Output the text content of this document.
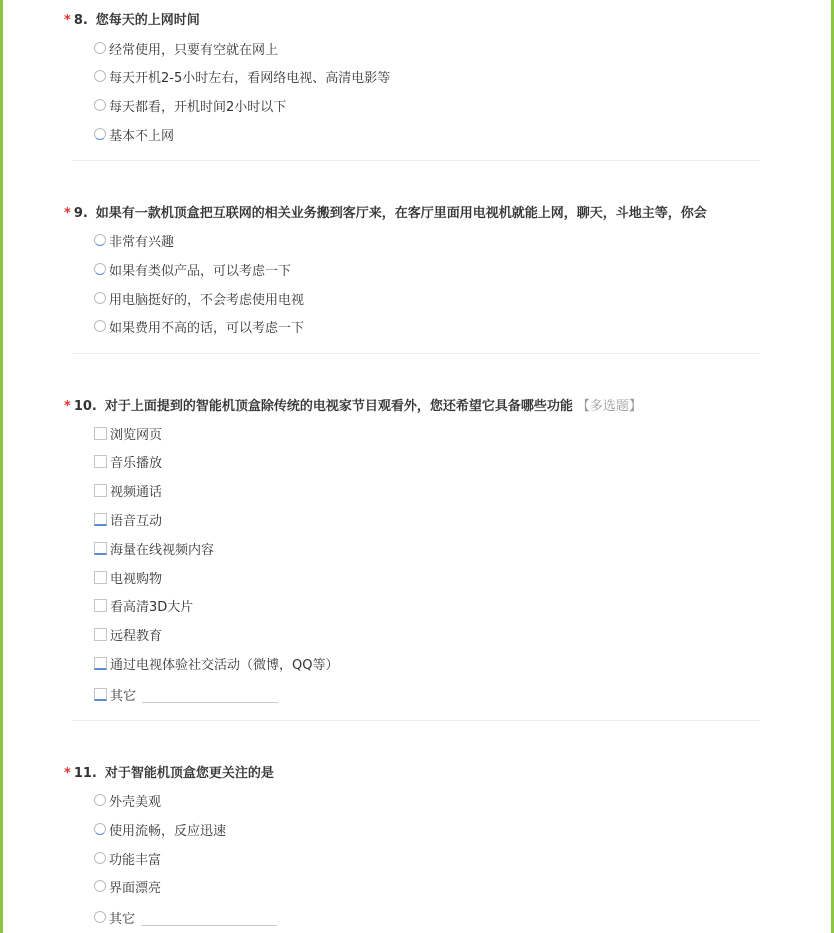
* 8. 您每天的上网时间
经常使用，只要有空就在网上
每天开机2-5小时左右，看网络电视、高清电影等
每天都看，开机时间2小时以下
基本不上网
* 9. 如果有一款机顶盒把互联网的相关业务搬到客厅来，在客厅里面用电视机就能上网，聊天，斗地主等，你会
非常有兴趣
如果有类似产品，可以考虑一下
用电脑挺好的，不会考虑使用电视
如果费用不高的话，可以考虑一下
* 10. 对于上面提到的智能机顶盒除传统的电视家节目观看外，您还希望它具备哪些功能 【多选题】
浏览网页
音乐播放
视频通话
语音互动
海量在线视频内容
电视购物
看高清3D大片
远程教育
通过电视体验社交活动（微博，QQ等）
其它
* 11. 对于智能机顶盒您更关注的是
外壳美观
使用流畅，反应迅速
功能丰富
界面漂亮
其它
